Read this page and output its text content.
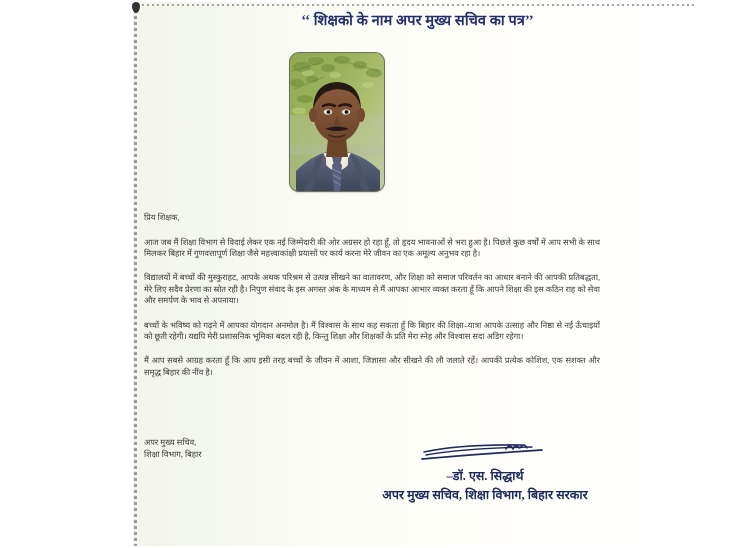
‘‘ शिक्षको के नाम अपर मुख्य सचिव का पत्र’’

प्रिय शिक्षक,

आज जब मैं शिक्षा विभाग से विदाई लेकर एक नई जिम्मेदारी की ओर अग्रसर हो रहा हूँ, तो हृदय भावनाओं से भरा हुआ है। पिछले कुछ वर्षों में आप सभी के साथ मिलकर बिहार में गुणवत्तापूर्ण शिक्षा जैसे महत्त्वाकांक्षी प्रयासों पर कार्य करना मेरे जीवन का एक अमूल्य अनुभव रहा है।

विद्यालयों में बच्चों की मुस्कुराहट, आपके अथक परिश्रम से उत्पन्न सीखने का वातावरण, और शिक्षा को समाज परिवर्तन का आधार बनाने की आपकी प्रतिबद्धता, मेरे लिए सदैव प्रेरणा का स्रोत रही है। निपुण संवाद के इस अगस्त अंक के माध्यम से मैं आपका आभार व्यक्त करता हूँ कि आपने शिक्षा की इस कठिन राह को सेवा और समर्पण के भाव से अपनाया।

बच्चों के भविष्य को गढ़ने में आपका योगदान अनमोल है। मैं विश्वास के साथ कह सकता हूँ कि बिहार की शिक्षा–यात्रा आपके उत्साह और निष्ठा से नई ऊँचाइयों को छूती रहेगी। यद्यपि मेरी प्रशासनिक भूमिका बदल रही है, किन्तु शिक्षा और शिक्षकों के प्रति मेरा स्नेह और विश्वास सदा अडिग रहेगा।

मैं आप सबसे आग्रह करता हूँ कि आप इसी तरह बच्चों के जीवन में आशा, जिज्ञासा और सीखने की लौ जलाते रहें। आपकी प्रत्येक कोशिश, एक सशक्त और समृद्ध बिहार की नींव है।

अपर मुख्य सचिव,
शिक्षा विभाग, बिहार
–डॉ. एस. सिद्धार्थ
अपर मुख्य सचिव, शिक्षा विभाग, बिहार सरकार
